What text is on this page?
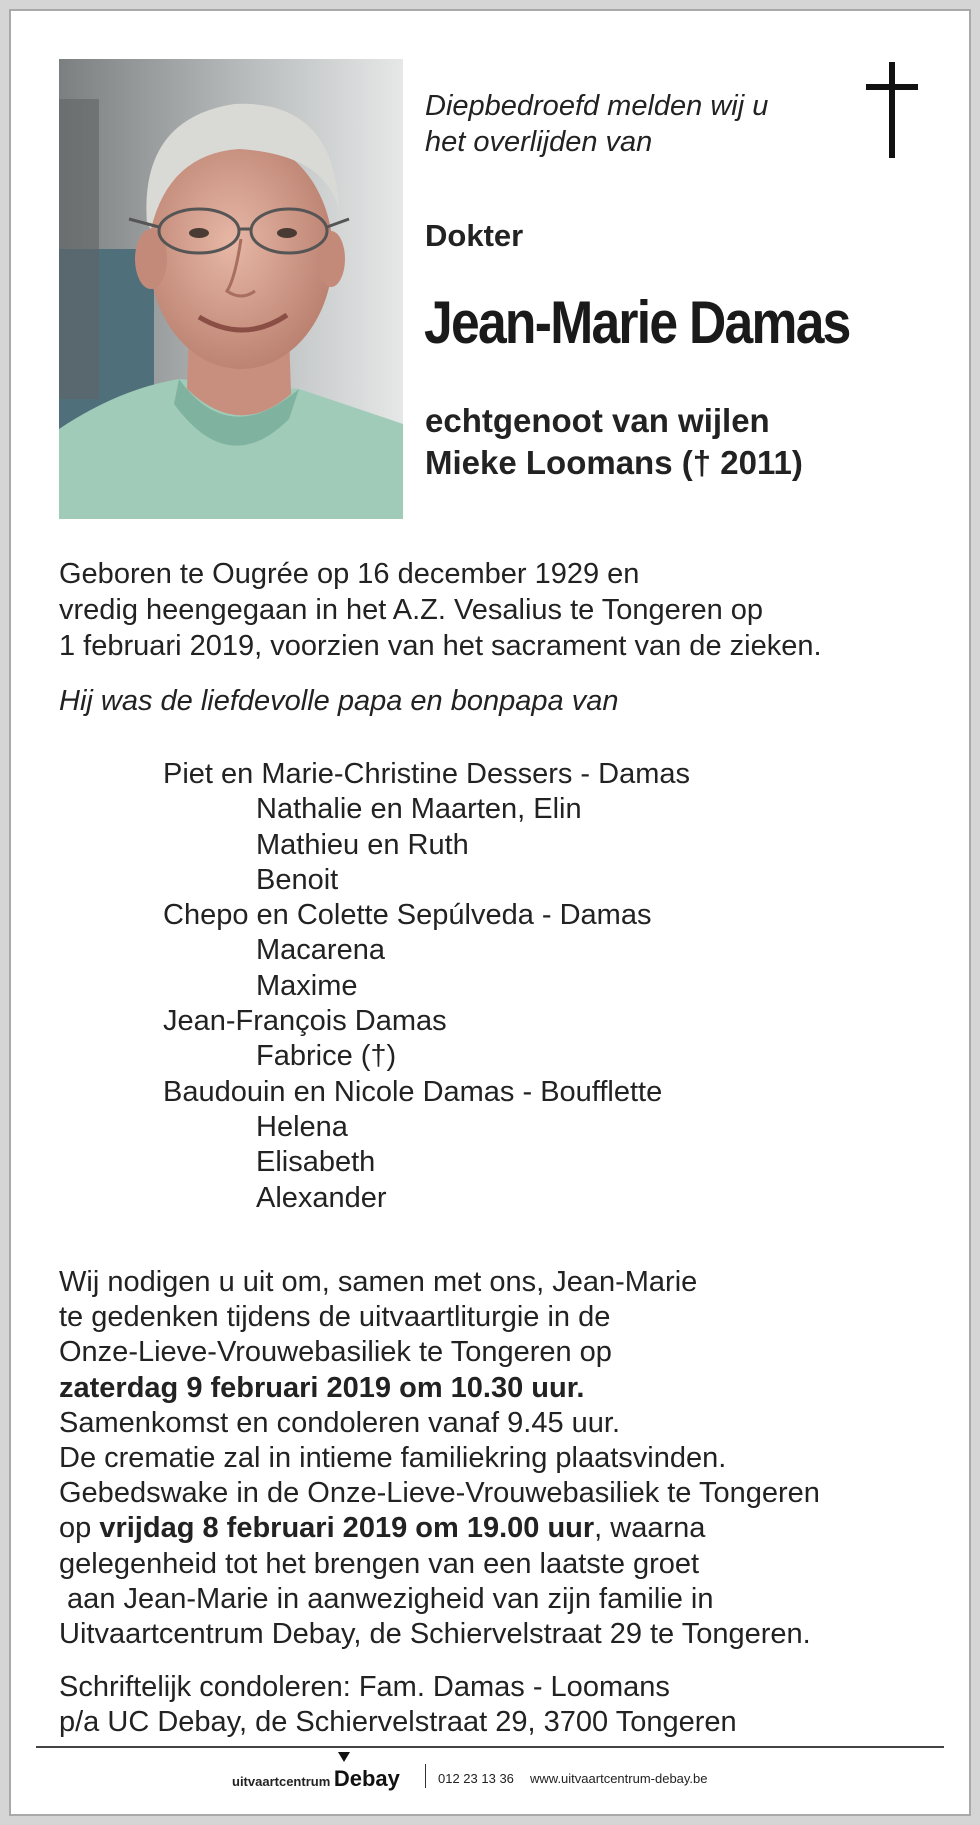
Diepbedroefd melden wij u
het overlijden van
Dokter
Jean-Marie Damas
echtgenoot van wijlen
Mieke Loomans († 2011)
Geboren te Ougrée op 16 december 1929 en
vredig heengegaan in het A.Z. Vesalius te Tongeren op
1 februari 2019, voorzien van het sacrament van de zieken.
Hij was de liefdevolle papa en bonpapa van
Piet en Marie-Christine Dessers - Damas
Nathalie en Maarten, Elin
Mathieu en Ruth
Benoit
Chepo en Colette Sepúlveda - Damas
Macarena
Maxime
Jean-François Damas
Fabrice (†)
Baudouin en Nicole Damas - Boufflette
Helena
Elisabeth
Alexander
Wij nodigen u uit om, samen met ons, Jean-Marie
te gedenken tijdens de uitvaartliturgie in de
Onze-Lieve-Vrouwebasiliek te Tongeren op
zaterdag 9 februari 2019 om 10.30 uur.
Samenkomst en condoleren vanaf 9.45 uur.
De crematie zal in intieme familiekring plaatsvinden.
Gebedswake in de Onze-Lieve-Vrouwebasiliek te Tongeren
op vrijdag 8 februari 2019 om 19.00 uur, waarna
gelegenheid tot het brengen van een laatste groet
aan Jean-Marie in aanwezigheid van zijn familie in
Uitvaartcentrum Debay, de Schiervelstraat 29 te Tongeren.
Schriftelijk condoleren: Fam. Damas - Loomans
p/a UC Debay, de Schiervelstraat 29, 3700 Tongeren
uitvaartcentrum Debay	012 23 13 36 www.uitvaartcentrum-debay.be
